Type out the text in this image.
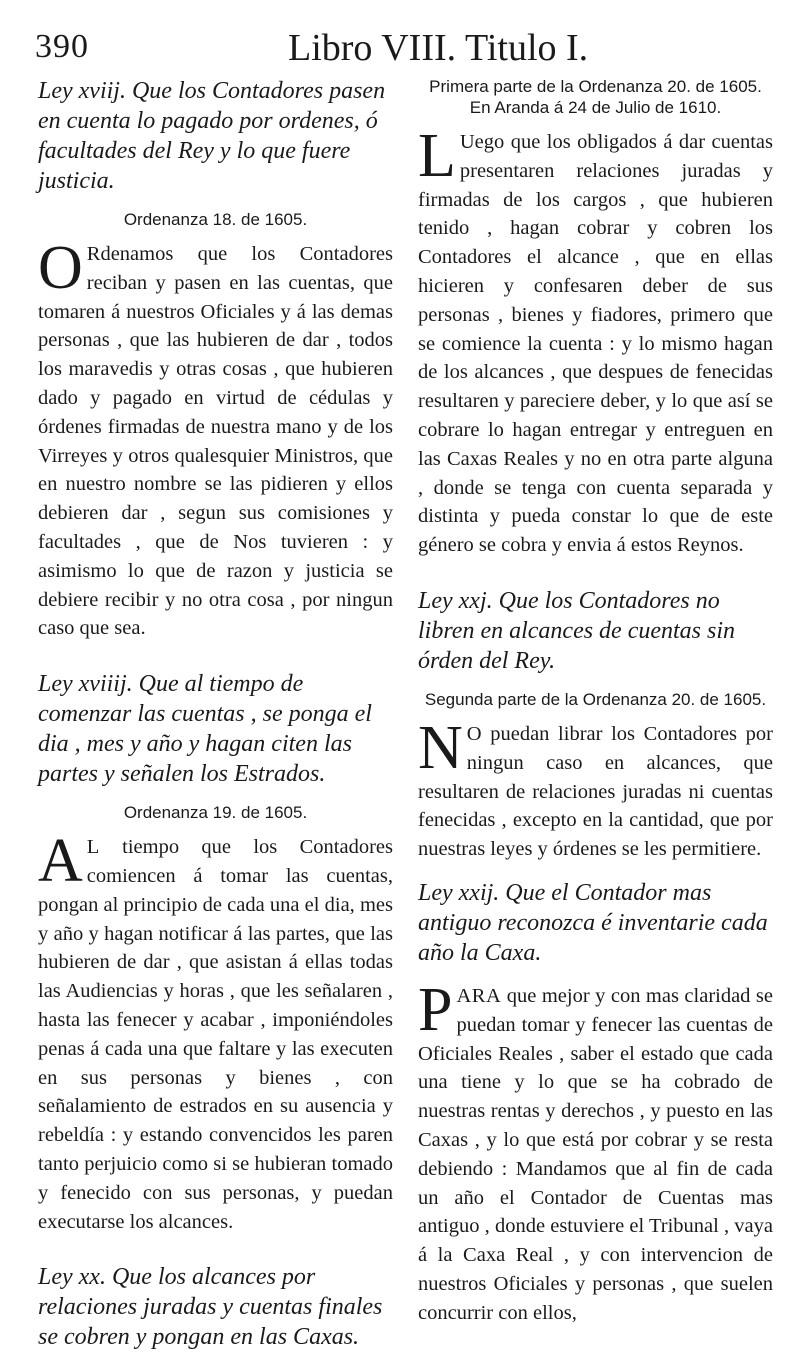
390	Libro VIII. Titulo I.

Ley xviij. Que los Contadores pasen en cuenta lo pagado por ordenes, ó facultades del Rey y lo que fuere justicia.

Ordenanza 18. de 1605.

O Rdenamos que los Contadores reciban y pasen en las cuentas, que tomaren á nuestros Oficiales y á las demas personas , que las hubieren de dar , todos los maravedis y otras cosas , que hubieren dado y pagado en virtud de cédulas y órdenes firmadas de nuestra mano y de los Virreyes y otros qualesquier Ministros, que en nuestro nombre se las pidieren y ellos debieren dar , segun sus comisiones y facultades , que de Nos tuvieren : y asimismo lo que de razon y justicia se debiere recibir y no otra cosa , por ningun caso que sea.

Ley xviiij. Que al tiempo de comenzar las cuentas , se ponga el dia , mes y año y hagan citen las partes y señalen los Estrados.

Ordenanza 19. de 1605.

A L tiempo que los Contadores comiencen á tomar las cuentas, pongan al principio de cada una el dia, mes y año y hagan notificar á las partes, que las hubieren de dar , que asistan á ellas todas las Audiencias y horas , que les señalaren , hasta las fenecer y acabar , imponiéndoles penas á cada una que faltare y las executen en sus personas y bienes , con señalamiento de estrados en su ausencia y rebeldía : y estando convencidos les paren tanto perjuicio como si se hubieran tomado y fenecido con sus personas, y puedan executarse los alcances.

Ley xx. Que los alcances por relaciones juradas y cuentas finales se cobren y pongan en las Caxas.

Primera parte de la Ordenanza 20. de 1605. En Aranda á 24 de Julio de 1610.

L Uego que los obligados á dar cuentas presentaren relaciones juradas y firmadas de los cargos , que hubieren tenido , hagan cobrar y cobren los Contadores el alcance , que en ellas hicieren y confesaren deber de sus personas , bienes y fiadores, primero que se comience la cuenta : y lo mismo hagan de los alcances , que despues de fenecidas resultaren y pareciere deber, y lo que así se cobrare lo hagan entregar y entreguen en las Caxas Reales y no en otra parte alguna , donde se tenga con cuenta separada y distinta y pueda constar lo que de este género se cobra y envia á estos Reynos.

Ley xxj. Que los Contadores no libren en alcances de cuentas sin órden del Rey.

Segunda parte de la Ordenanza 20. de 1605.

N O puedan librar los Contadores por ningun caso en alcances, que resultaren de relaciones juradas ni cuentas fenecidas , excepto en la cantidad, que por nuestras leyes y órdenes se les permitiere.

Ley xxij. Que el Contador mas antiguo reconozca é inventarie cada año la Caxa.

PARA que mejor y con mas claridad se puedan tomar y fenecer las cuentas de Oficiales Reales , saber el estado que cada una tiene y lo que se ha cobrado de nuestras rentas y derechos , y puesto en las Caxas , y lo que está por cobrar y se resta debiendo : Mandamos que al fin de cada un año el Contador de Cuentas mas antiguo , donde estuviere el Tribunal , vaya á la Caxa Real , y con intervencion de nuestros Oficiales y personas , que suelen concurrir con ellos,
